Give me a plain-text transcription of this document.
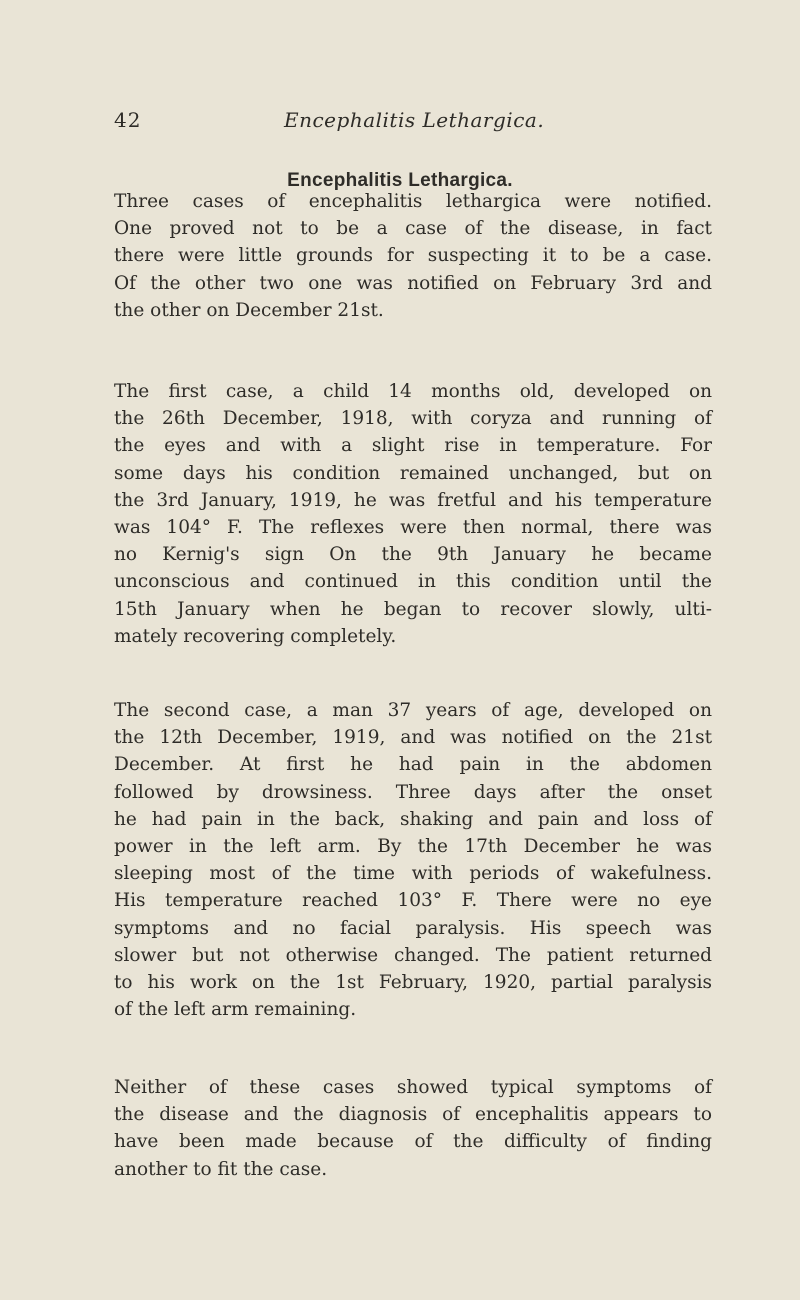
42	Encephalitis Lethargica.
Encephalitis Lethargica.
Three cases of encephalitis lethargica were notified.
One proved not to be a case of the disease, in fact
there were little grounds for suspecting it to be a case.
Of the other two one was notified on February 3rd and
the other on December 21st.
The first case, a child 14 months old, developed on
the 26th December, 1918, with coryza and running of
the eyes and with a slight rise in temperature. For
some days his condition remained unchanged, but on
the 3rd January, 1919, he was fretful and his temperature
was 104° F. The reflexes were then normal, there was
no Kernig's sign On the 9th January he became
unconscious and continued in this condition until the
15th January when he began to recover slowly, ulti-
mately recovering completely.
The second case, a man 37 years of age, developed on
the 12th December, 1919, and was notified on the 21st
December. At first he had pain in the abdomen
followed by drowsiness. Three days after the onset
he had pain in the back, shaking and pain and loss of
power in the left arm. By the 17th December he was
sleeping most of the time with periods of wakefulness.
His temperature reached 103° F. There were no eye
symptoms and no facial paralysis. His speech was
slower but not otherwise changed. The patient returned
to his work on the 1st February, 1920, partial paralysis
of the left arm remaining.
Neither of these cases showed typical symptoms of
the disease and the diagnosis of encephalitis appears to
have been made because of the difficulty of finding
another to fit the case.
